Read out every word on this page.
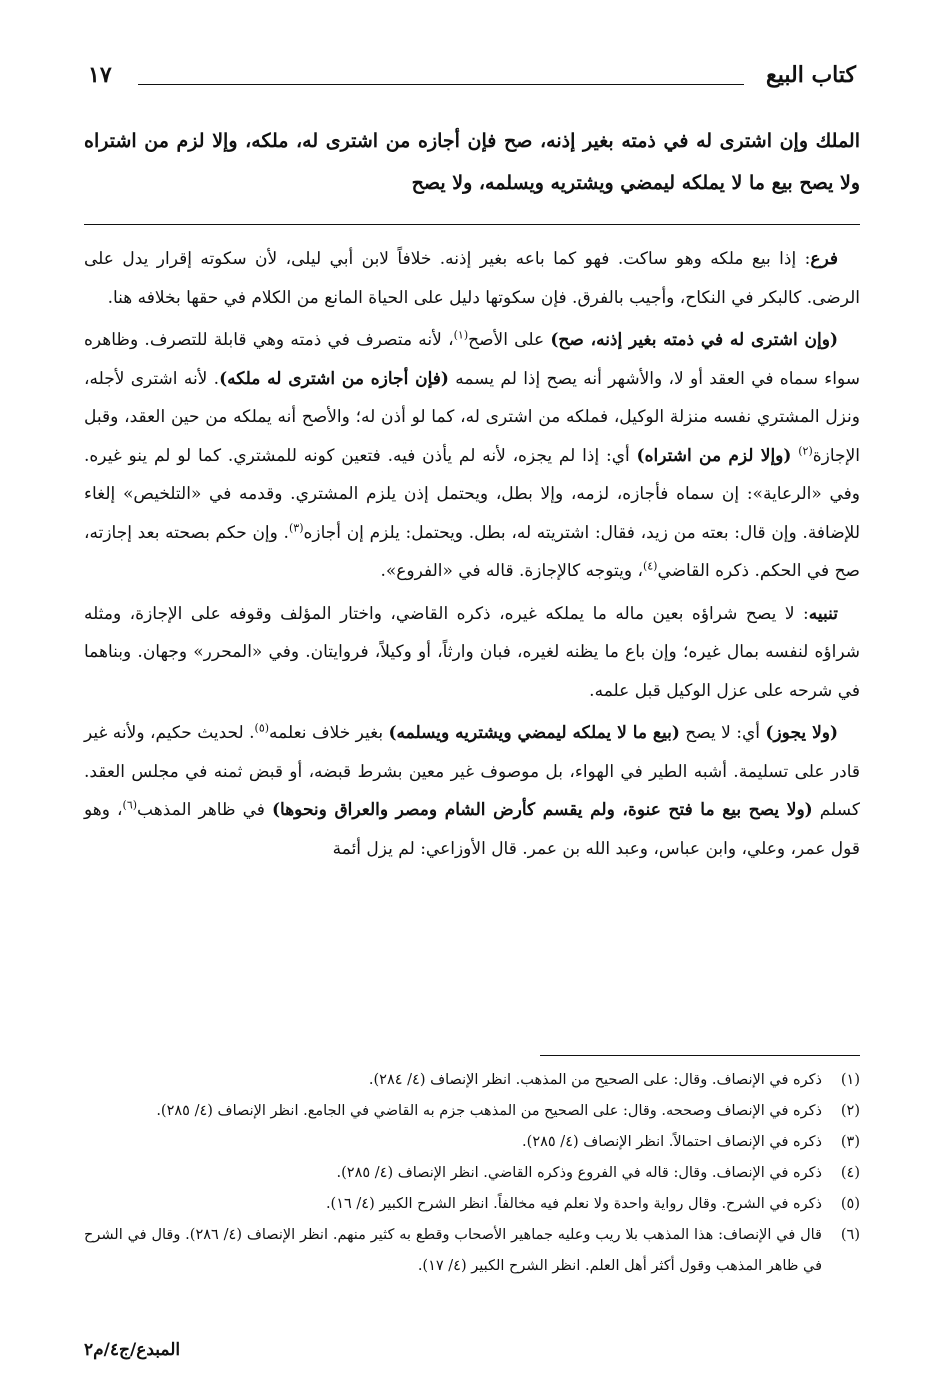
كتاب البيع
١٧
الملك وإن اشترى له في ذمته بغير إذنه، صح فإن أجازه من اشترى له، ملكه، وإلا لزم من اشتراه ولا يصح بيع ما لا يملكه ليمضي ويشتريه ويسلمه، ولا يصح

فرع: إذا بيع ملكه وهو ساكت. فهو كما باعه بغير إذنه. خلافاً لابن أبي ليلى، لأن سكوته إقرار يدل على الرضى. كالبكر في النكاح، وأجيب بالفرق. فإن سكوتها دليل على الحياة المانع من الكلام في حقها بخلافه هنا.

(وإن اشترى له في ذمته بغير إذنه، صح) على الأصح$^{(١)}$، لأنه متصرف في ذمته وهي قابلة للتصرف. وظاهره سواء سماه في العقد أو لا، والأشهر أنه يصح إذا لم يسمه (فإن أجازه من اشترى له ملكه). لأنه اشترى لأجله، ونزل المشتري نفسه منزلة الوكيل، فملكه من اشترى له، كما لو أذن له؛ والأصح أنه يملكه من حين العقد، وقبل الإجازة$^{(٢)}$ (وإلا لزم من اشتراه) أي: إذا لم يجزه، لأنه لم يأذن فيه. فتعين كونه للمشتري. كما لو لم ينو غيره. وفي «الرعاية»: إن سماه فأجازه، لزمه، وإلا بطل، ويحتمل إذن يلزم المشتري. وقدمه في «التلخيص» إلغاء للإضافة. وإن قال: بعته من زيد، فقال: اشتريته له، بطل. ويحتمل: يلزم إن أجازه$^{(٣)}$. وإن حكم بصحته بعد إجازته، صح في الحكم. ذكره القاضي$^{(٤)}$، ويتوجه كالإجازة. قاله في «الفروع».

تنبيه: لا يصح شراؤه بعين ماله ما يملكه غيره، ذكره القاضي، واختار المؤلف وقوفه على الإجازة، ومثله شراؤه لنفسه بمال غيره؛ وإن باع ما يظنه لغيره، فبان وارثاً، أو وكيلاً، فروايتان. وفي «المحرر» وجهان. وبناهما في شرحه على عزل الوكيل قبل علمه.

(ولا يجوز) أي: لا يصح (بيع ما لا يملكه ليمضي ويشتريه ويسلمه) بغير خلاف نعلمه$^{(٥)}$. لحديث حكيم، ولأنه غير قادر على تسليمة. أشبه الطير في الهواء، بل موصوف غير معين بشرط قبضه، أو قبض ثمنه في مجلس العقد. كسلم (ولا يصح بيع ما فتح عنوة، ولم يقسم كأرض الشام ومصر والعراق ونحوها) في ظاهر المذهب$^{(٦)}$، وهو قول عمر، وعلي، وابن عباس، وعبد الله بن عمر. قال الأوزاعي: لم يزل أئمة

(١)
ذكره في الإنصاف. وقال: على الصحيح من المذهب. انظر الإنصاف (٤/ ٢٨٤).
(٢)
ذكره في الإنصاف وصححه. وقال: على الصحيح من المذهب جزم به القاضي في الجامع. انظر الإنصاف (٤/ ٢٨٥).
(٣)
ذكره في الإنصاف احتمالاً. انظر الإنصاف (٤/ ٢٨٥).
(٤)
ذكره في الإنصاف. وقال: قاله في الفروع وذكره القاضي. انظر الإنصاف (٤/ ٢٨٥).
(٥)
ذكره في الشرح. وقال رواية واحدة ولا نعلم فيه مخالفاً. انظر الشرح الكبير (٤/ ١٦).
(٦)
قال في الإنصاف: هذا المذهب بلا ريب وعليه جماهير الأصحاب وقطع به كثير منهم. انظر الإنصاف (٤/ ٢٨٦). وقال في الشرح في ظاهر المذهب وقول أكثر أهل العلم. انظر الشرح الكبير (٤/ ١٧).
المبدع/ج٤/م٢
